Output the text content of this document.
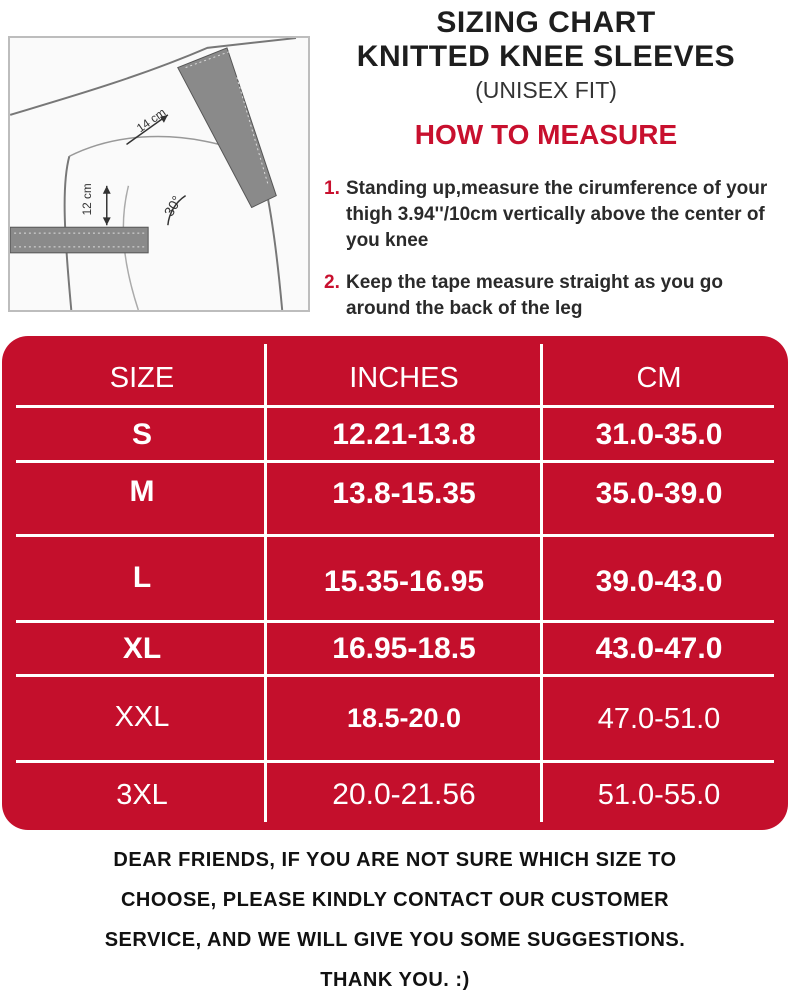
14 cm
12 cm	30°
SIZING CHART
KNITTED KNEE SLEEVES
(UNISEX FIT)
HOW TO MEASURE
1. Standing up,measure the cirumference of your thigh 3.94''/10cm vertically above the center of you knee
2. Keep the tape measure straight as you go around the back of the leg
SIZE	INCHES	CM
S	12.21-13.8	31.0-35.0
M	13.8-15.35	35.0-39.0
L	15.35-16.95	39.0-43.0
XL	16.95-18.5	43.0-47.0
XXL	18.5-20.0	47.0-51.0
3XL	20.0-21.56	51.0-55.0
DEAR FRIENDS, IF YOU ARE NOT SURE WHICH SIZE TO
CHOOSE, PLEASE KINDLY CONTACT OUR CUSTOMER
SERVICE, AND WE WILL GIVE YOU SOME SUGGESTIONS.
THANK YOU. :)
